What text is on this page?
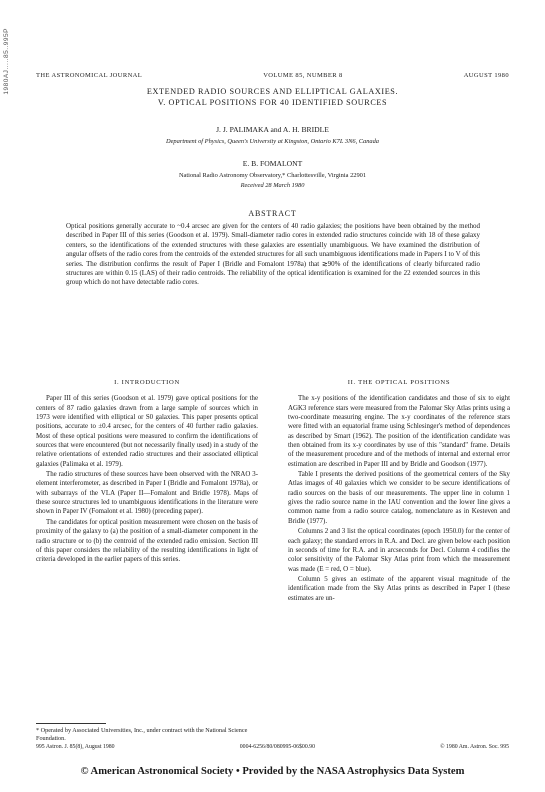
1980AJ.....85..995P	THE ASTRONOMICAL JOURNAL	VOLUME 85, NUMBER 8	AUGUST 1980
EXTENDED RADIO SOURCES AND ELLIPTICAL GALAXIES.
V. OPTICAL POSITIONS FOR 40 IDENTIFIED SOURCES
J. J. PALIMAKA and A. H. BRIDLE
Department of Physics, Queen's University at Kingston, Ontario K7L 3N6, Canada
E. B. FOMALONT
National Radio Astronomy Observatory,* Charlottesville, Virginia 22901
Received 28 March 1980
ABSTRACT

Optical positions generally accurate to ~0.4 arcsec are given for the centers of 40 radio galaxies; the positions have been obtained by the method described in Paper III of this series (Goodson et al. 1979). Small-diameter radio cores in extended radio structures coincide with 18 of these galaxy centers, so the identifications of the extended structures with these galaxies are essentially unambiguous. We have examined the distribution of angular offsets of the radio cores from the centroids of the extended structures for all such unambiguous identifications made in Papers I to V of this series. The distribution confirms the result of Paper I (Bridle and Fomalont 1978a) that ≳90% of the identifications of clearly bifurcated radio structures are within 0.15 (LAS) of their radio centroids. The reliability of the optical identification is examined for the 22 extended sources in this group which do not have detectable radio cores.

I. INTRODUCTION

Paper III of this series (Goodson et al. 1979) gave optical positions for the centers of 87 radio galaxies drawn from a large sample of sources which in 1973 were identified with elliptical or S0 galaxies. This paper presents optical positions, accurate to ±0.4 arcsec, for the centers of 40 further radio galaxies. Most of these optical positions were measured to confirm the identifications of sources that were encountered (but not necessarily finally used) in a study of the relative orientations of extended radio structures and their associated elliptical galaxies (Palimaka et al. 1979).

The radio structures of these sources have been observed with the NRAO 3-element interferometer, as described in Paper I (Bridle and Fomalont 1978a), or with subarrays of the VLA (Paper II—Fomalont and Bridle 1978). Maps of these source structures led to unambiguous identifications in the literature were shown in Paper IV (Fomalont et al. 1980) (preceding paper).

The candidates for optical position measurement were chosen on the basis of proximity of the galaxy to (a) the position of a small-diameter component in the radio structure or to (b) the centroid of the extended radio emission. Section III of this paper considers the reliability of the resulting identifications in light of criteria developed in the earlier papers of this series.

II. THE OPTICAL POSITIONS

The x-y positions of the identification candidates and those of six to eight AGK3 reference stars were measured from the Palomar Sky Atlas prints using a two-coordinate measuring engine. The x-y coordinates of the reference stars were fitted with an equatorial frame using Schlesinger's method of dependences as described by Smart (1962). The position of the identification candidate was then obtained from its x-y coordinates by use of this "standard" frame. Details of the measurement procedure and of the methods of internal and external error estimation are described in Paper III and by Bridle and Goodson (1977).

Table I presents the derived positions of the geometrical centers of the Sky Atlas images of 40 galaxies which we consider to be secure identifications of radio sources on the basis of our measurements. The upper line in column 1 gives the radio source name in the IAU convention and the lower line gives a common name from a radio source catalog, nomenclature as in Kesteven and Bridle (1977).

Columns 2 and 3 list the optical coordinates (epoch 1950.0) for the center of each galaxy; the standard errors in R.A. and Decl. are given below each position in seconds of time for R.A. and in arcseconds for Decl. Column 4 codifies the color sensitivity of the Palomar Sky Atlas print from which the measurement was made (E = red, O = blue).

Column 5 gives an estimate of the apparent visual magnitude of the identification made from the Sky Atlas prints as described in Paper I (these estimates are un-

* Operated by Associated Universities, Inc., under contract with the National Science Foundation.
995 Astron. J. 85(8), August 1980	0004-6256/80/080995-06$00.90	© 1980 Am. Astron. Soc. 995
© American Astronomical Society • Provided by the NASA Astrophysics Data System
